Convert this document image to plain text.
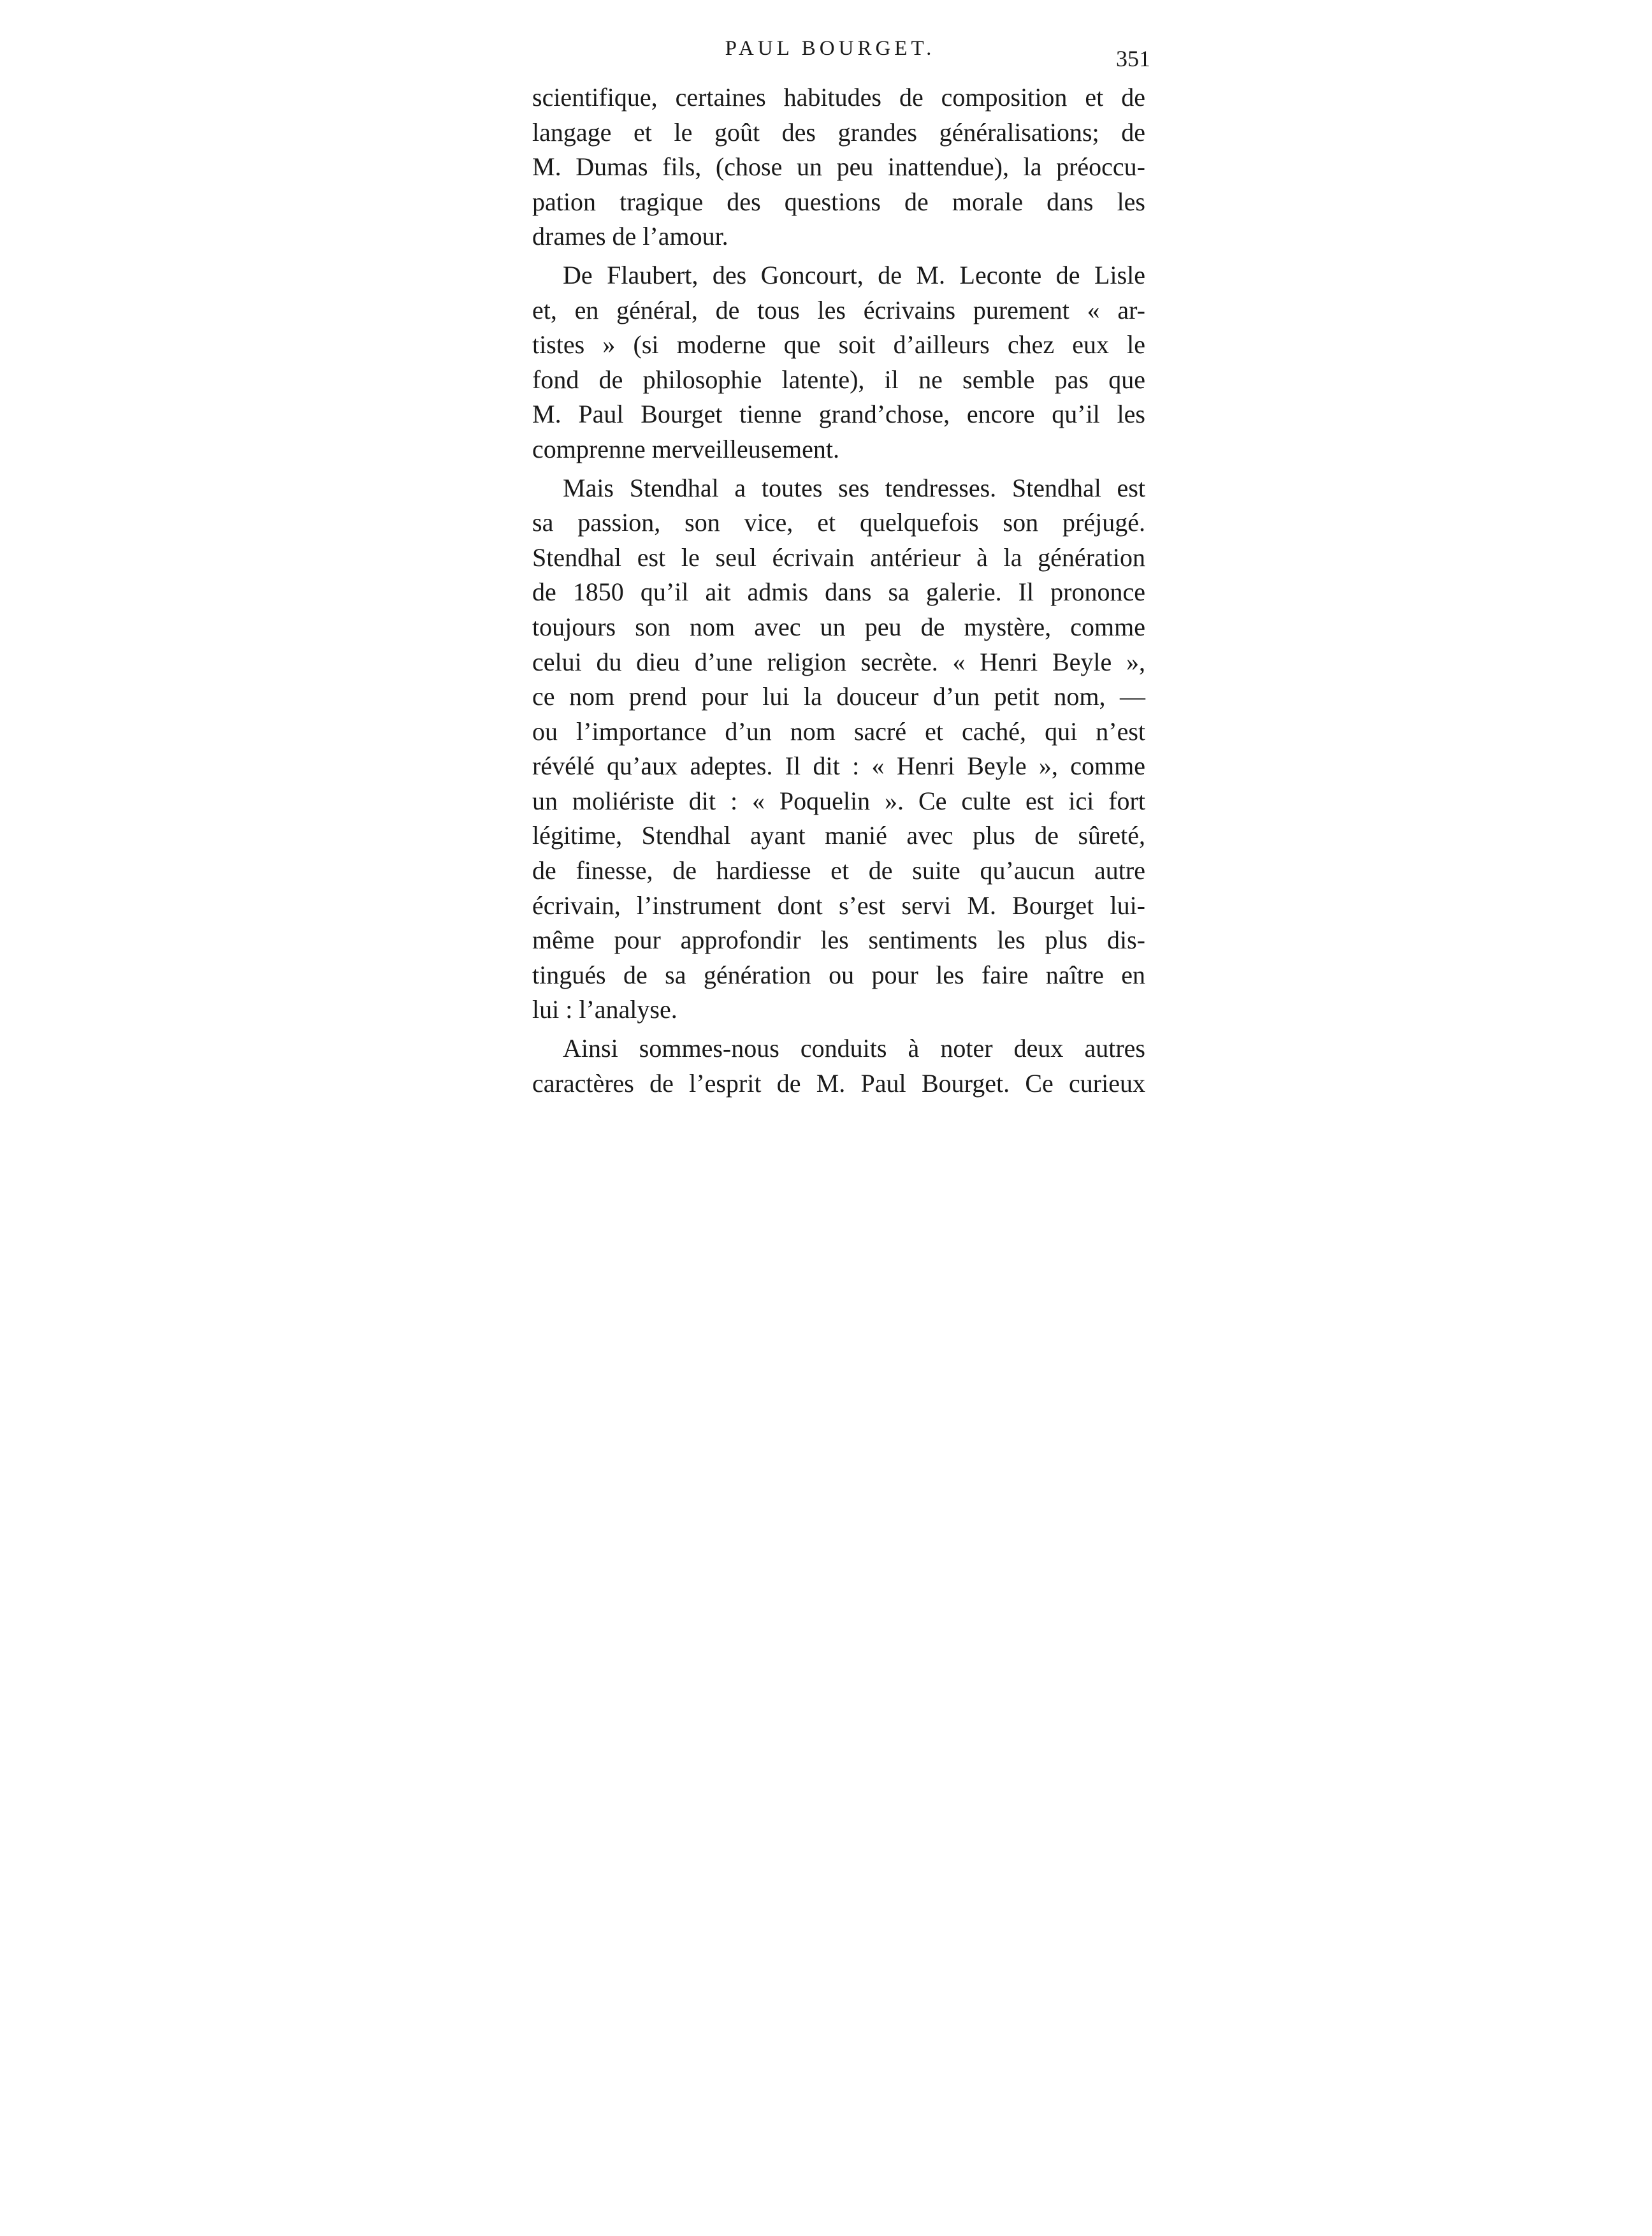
PAUL BOURGET.	351
scientifique, certaines habitudes de composition et de
langage et le goût des grandes généralisations; de
M. Dumas fils, (chose un peu inattendue), la préoccu-
pation tragique des questions de morale dans les
drames de l’amour.
De Flaubert, des Goncourt, de M. Leconte de Lisle
et, en général, de tous les écrivains purement « ar-
tistes » (si moderne que soit d’ailleurs chez eux le
fond de philosophie latente), il ne semble pas que
M. Paul Bourget tienne grand’chose, encore qu’il les
comprenne merveilleusement.
Mais Stendhal a toutes ses tendresses. Stendhal est
sa passion, son vice, et quelquefois son préjugé.
Stendhal est le seul écrivain antérieur à la génération
de 1850 qu’il ait admis dans sa galerie. Il prononce
toujours son nom avec un peu de mystère, comme
celui du dieu d’une religion secrète. « Henri Beyle »,
ce nom prend pour lui la douceur d’un petit nom, —
ou l’importance d’un nom sacré et caché, qui n’est
révélé qu’aux adeptes. Il dit : « Henri Beyle », comme
un moliériste dit : « Poquelin ». Ce culte est ici fort
légitime, Stendhal ayant manié avec plus de sûreté,
de finesse, de hardiesse et de suite qu’aucun autre
écrivain, l’instrument dont s’est servi M. Bourget lui-
même pour approfondir les sentiments les plus dis-
tingués de sa génération ou pour les faire naître en
lui : l’analyse.
Ainsi sommes-nous conduits à noter deux autres
caractères de l’esprit de M. Paul Bourget. Ce curieux
